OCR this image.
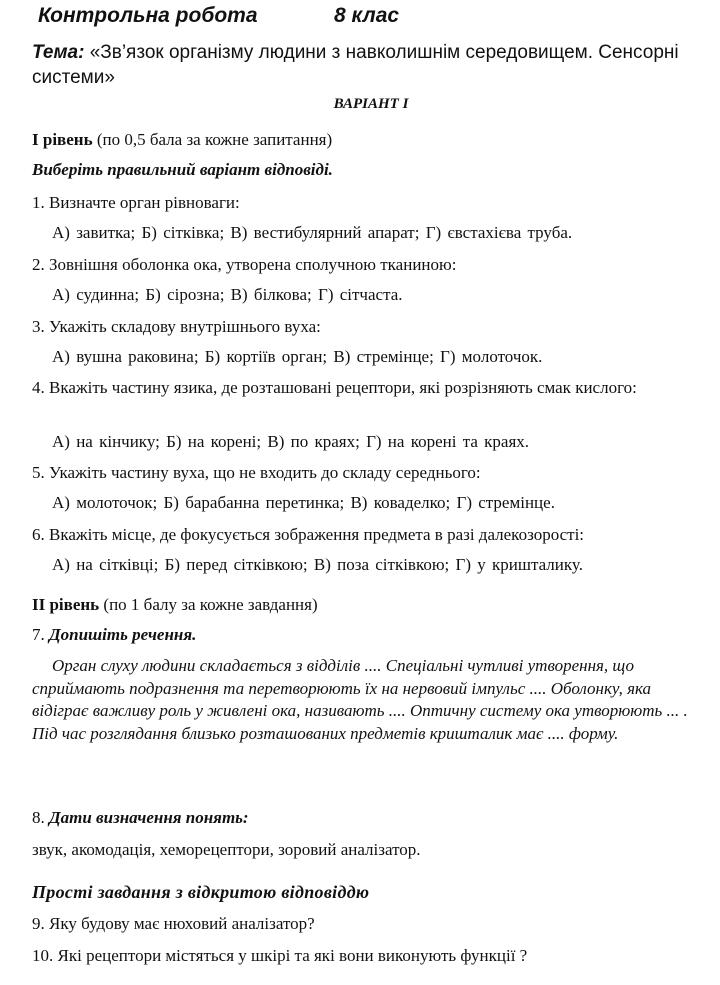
Контрольна робота	8 клас
Тема: «Зв’язок організму людини з навколишнім середовищем. Сенсорні системи»
ВАРІАНТ І
І рівень (по 0,5 бала за кожне запитання)
Виберіть правильний варіант відповіді.
1. Визначте орган рівноваги:
А) завитка; Б) сітківка; В) вестибулярний апарат; Г) євстахієва труба.
2. Зовнішня оболонка ока, утворена сполучною тканиною:
А) судинна; Б) сірозна; В) білкова; Г) сітчаста.
3. Укажіть складову внутрішнього вуха:
А) вушна раковина; Б) кортіїв орган; В) стремінце; Г) молоточок.
4. Вкажіть частину язика, де розташовані рецептори, які розрізняють смак кислого:
А) на кінчику; Б) на корені; В) по краях; Г) на корені та краях.
5. Укажіть частину вуха, що не входить до складу середнього:
А) молоточок; Б) барабанна перетинка; В) коваделко; Г) стремінце.
6. Вкажіть місце, де фокусується зображення предмета в разі далекозорості:
А) на сітківці; Б) перед сітківкою; В) поза сітківкою; Г) у кришталику.
ІІ рівень (по 1 балу за кожне завдання)
7. Допишіть речення.
Орган слуху людини складається з відділів .... Спеціальні чутливі утворення, що сприймають подразнення та перетворюють їх на нервовий імпульс .... Оболонку, яка відіграє важливу роль у живлені ока, називають .... Оптичну систему ока утворюють ... . Під час розглядання близько розташованих предметів кришталик має .... форму.
8. Дати визначення понять:
звук, акомодація, хеморецептори, зоровий аналізатор.
Прості завдання з відкритою відповіддю
9. Яку будову має нюховий аналізатор?
10. Які рецептори містяться у шкірі та які вони виконують функції ?
